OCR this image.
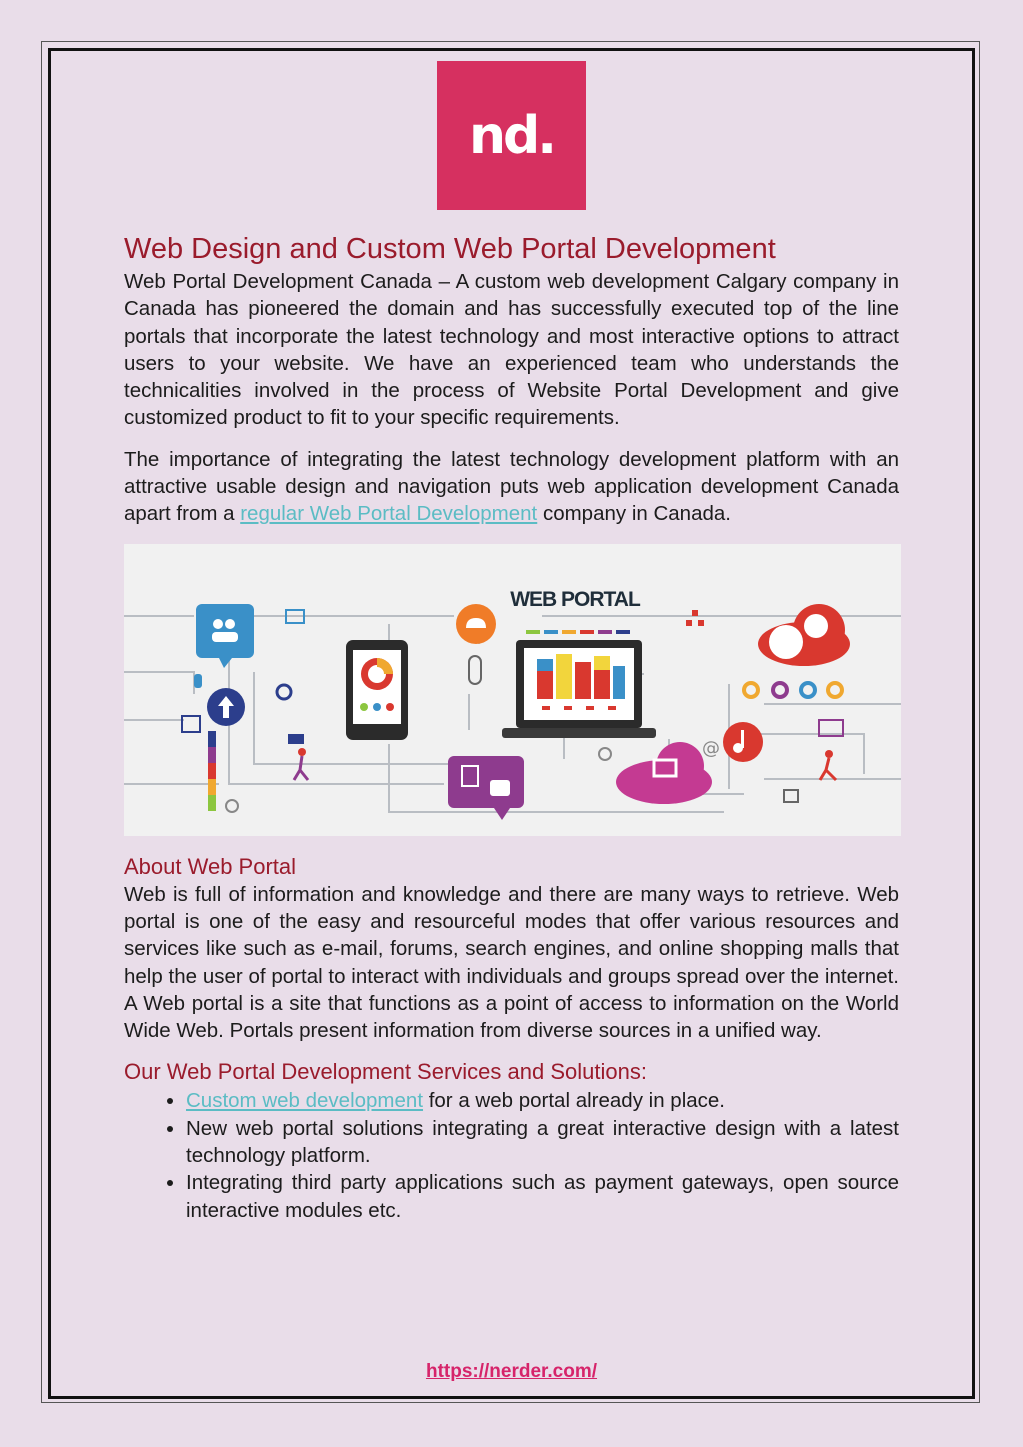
nd.
Web Design and Custom Web Portal Development

Web Portal Development Canada – A custom web development Calgary company in Canada has pioneered the domain and has successfully executed top of the line portals that incorporate the latest technology and most interactive options to attract users to your website. We have an experienced team who understands the technicalities involved in the process of Website Portal Development and give customized product to fit to your specific requirements.

The importance of integrating the latest technology development platform with an attractive usable design and navigation puts web application development Canada apart from a regular Web Portal Development company in Canada.

WEB PORTAL
@
About Web Portal

Web is full of information and knowledge and there are many ways to retrieve. Web portal is one of the easy and resourceful modes that offer various resources and services like such as e-mail, forums, search engines, and online shopping malls that help the user of portal to interact with individuals and groups spread over the internet. A Web portal is a site that functions as a point of access to information on the World Wide Web. Portals present information from diverse sources in a unified way.

Our Web Portal Development Services and Solutions:
• Custom web development for a web portal already in place.
• New web portal solutions integrating a great interactive design with a latest technology platform.
• Integrating third party applications such as payment gateways, open source interactive modules etc.
https://nerder.com/
